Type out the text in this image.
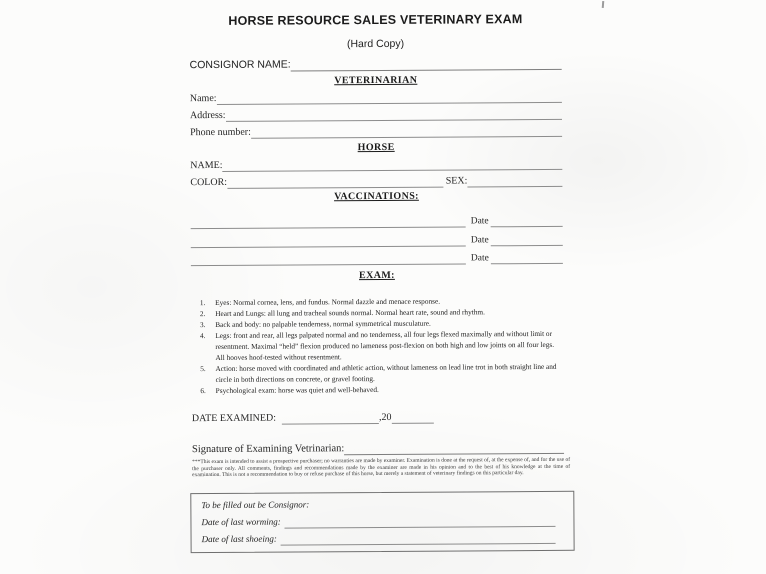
HORSE RESOURCE SALES VETERINARY EXAM
(Hard Copy)
CONSIGNOR NAME:
VETERINARIAN
Name:
Address:
Phone number:
HORSE
NAME:
COLOR:	SEX:
VACCINATIONS:
Date
Date
Date
EXAM:
1. Eyes: Normal cornea, lens, and fundus. Normal dazzle and menace response.
2. Heart and Lungs: all lung and tracheal sounds normal. Normal heart rate, sound and rhythm.
3. Back and body: no palpable tenderness, normal symmetrical musculature.
4. Legs: front and rear, all legs palpated normal and no tenderness, all four legs flexed maximally and without limit or resentment. Maximal “held” flexion produced no lameness post-flexion on both high and low joints on all four legs. All hooves hoof-tested without resentment.
5. Action: horse moved with coordinated and athletic action, without lameness on lead line trot in both straight line and circle in both directions on concrete, or gravel footing.
6. Psychological exam: horse was quiet and well-behaved.
DATE EXAMINED:	,20
Signature of Examining Vetrinarian:
***This exam is intended to assist a prospective purchaser; no warranties are made by examiner. Examination is done at the request of, at the expense of, and for the use of the purchaser only. All comments, findings and recommendations made by the examiner are made in his opinion and to the best of his knowledge at the time of examination. This is not a recommendation to buy or refuse purchase of this horse, but merely a statement of veterinary findings on this particular day.
To be filled out be Consignor:
Date of last worming:
Date of last shoeing:
